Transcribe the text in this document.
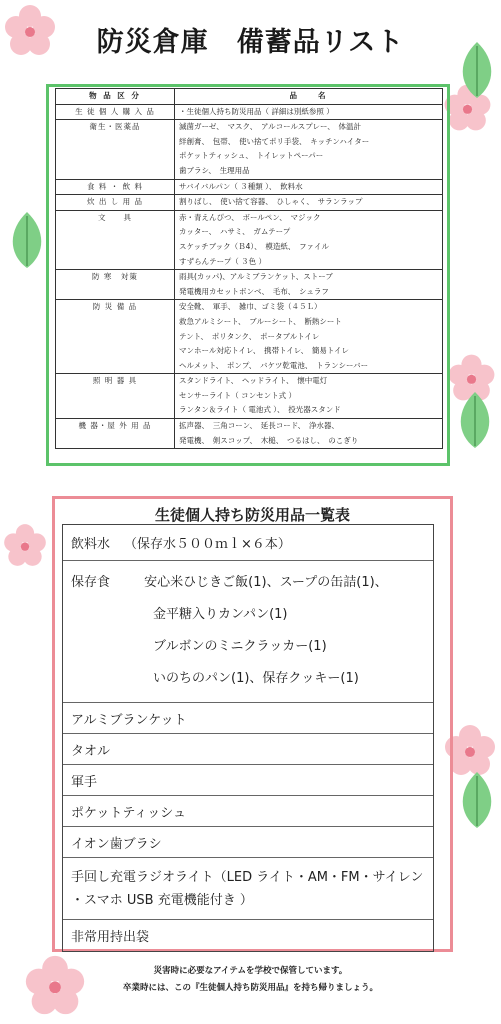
防災倉庫　備蓄品リスト
物 品 区 分	品　　名
生 徒 個 人 購 入 品	・生徒個人持ち防災用品（ 詳細は別紙参照 ）

衛生・医薬品	滅菌ガーゼ、　マスク、　アルコールスプレー、　体温計
絆創膏、　包帯、　使い捨てポリ手袋、　キッチンハイター
ポケットティッシュ、　トイレットペーパー
歯ブラシ、　生理用品

食 料 ・ 飲 料	サバイバルパン（ ３種類 ）、　飲料水

炊 出 し 用 品	割りばし、　使い捨て容器、　ひしゃく、　サランラップ

文　　具	赤・青えんぴつ、　ボールペン、　マジック
カッター、　ハサミ、　ガムテープ
スケッチブック（Ｂ4）、　模造紙、　ファイル
すずらんテープ（ ３色 ）

防 寒　対策	雨具(カッパ)、アルミブランケット、ストーブ
発電機用カセットボンベ、　毛布、　シュラフ

防 災 備 品	安全靴、　軍手、　雑巾、ゴミ袋（４５Ｌ）
救急アルミシート、　ブルーシート、　断熱シート
テント、　ポリタンク、　ポータブルトイレ
マンホール対応トイレ、　携帯トイレ、　簡易トイレ
ヘルメット、　ポンプ、　バケツ乾電池、　トランシーバー

照 明 器 具	スタンドライト、　ヘッドライト、　懐中電灯
センサーライト（ コンセント式 ）
ランタン＆ライト（ 電池式 ）、　投光器スタンド

機 器・屋 外 用 品	拡声器、　三角コーン、　延長コード、　浄水器、
発電機、　剣スコップ、　木槌、　つるはし、　のこぎり
生徒個人持ち防災用品一覧表
飲料水 （保存水５００ｍｌ×６本）
保存食	安心米ひじきご飯(1)、スープの缶詰(1)、
金平糖入りカンパン(1)
ブルボンのミニクラッカー(1)
いのちのパン(1)、保存クッキー(1)
アルミブランケット
タオル
軍手
ポケットティッシュ
イオン歯ブラシ
手回し充電ラジオライト（LED ライト・AM・FM・サイレン
・スマホ USB 充電機能付き ）
非常用持出袋
災害時に必要なアイテムを学校で保管しています。
卒業時には、この『生徒個人持ち防災用品』を持ち帰りましょう。
